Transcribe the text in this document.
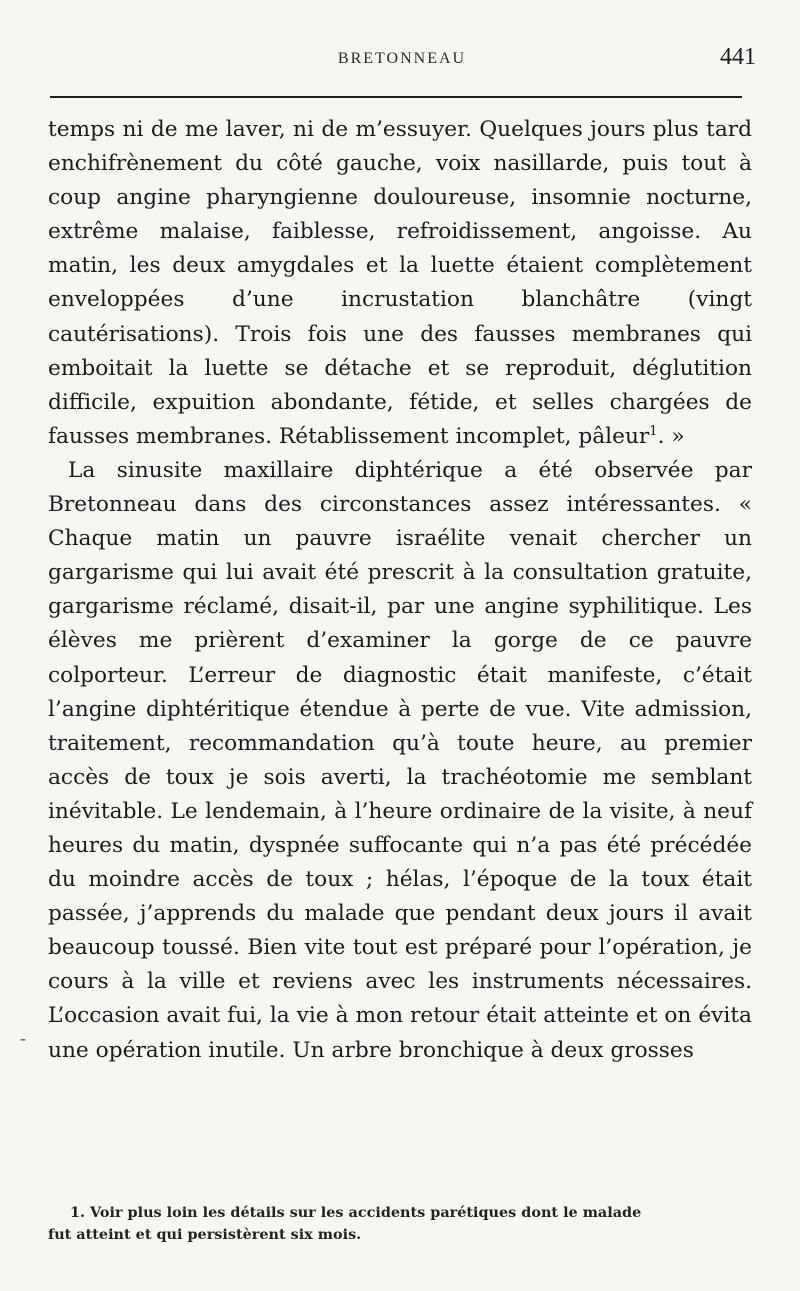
BRETONNEAU	441

temps ni de me laver, ni de m’essuyer. Quelques jours plus tard enchifrènement du côté gauche, voix nasillarde, puis tout à coup angine pharyngienne douloureuse, insomnie nocturne, extrême malaise, faiblesse, refroidissement, angoisse. Au matin, les deux amygdales et la luette étaient complètement enveloppées d’une incrustation blanchâtre (vingt cautérisations). Trois fois une des fausses membranes qui emboitait la luette se détache et se reproduit, déglutition difficile, expuition abondante, fétide, et selles chargées de fausses membranes. Rétablissement incomplet, pâleur$^1$. »

La sinusite maxillaire diphtérique a été observée par Bretonneau dans des circonstances assez intéressantes. « Chaque matin un pauvre israélite venait chercher un gargarisme qui lui avait été prescrit à la consultation gratuite, gargarisme réclamé, disait-il, par une angine syphilitique. Les élèves me prièrent d’examiner la gorge de ce pauvre colporteur. L’erreur de diagnostic était manifeste, c’était l’angine diphtéritique étendue à perte de vue. Vite admission, traitement, recommandation qu’à toute heure, au premier accès de toux je sois averti, la trachéotomie me semblant inévitable. Le lendemain, à l’heure ordinaire de la visite, à neuf heures du matin, dyspnée suffocante qui n’a pas été précédée du moindre accès de toux ; hélas, l’époque de la toux était passée, j’apprends du malade que pendant deux jours il avait beaucoup toussé. Bien vite tout est préparé pour l’opération, je cours à la ville et reviens avec les instruments nécessaires. L’occasion avait fui, la vie à mon retour était atteinte et on évita une opération inutile. Un arbre bronchique à deux grosses

-
1. Voir plus loin les détails sur les accidents parétiques dont le malade
fut atteint et qui persistèrent six mois.
